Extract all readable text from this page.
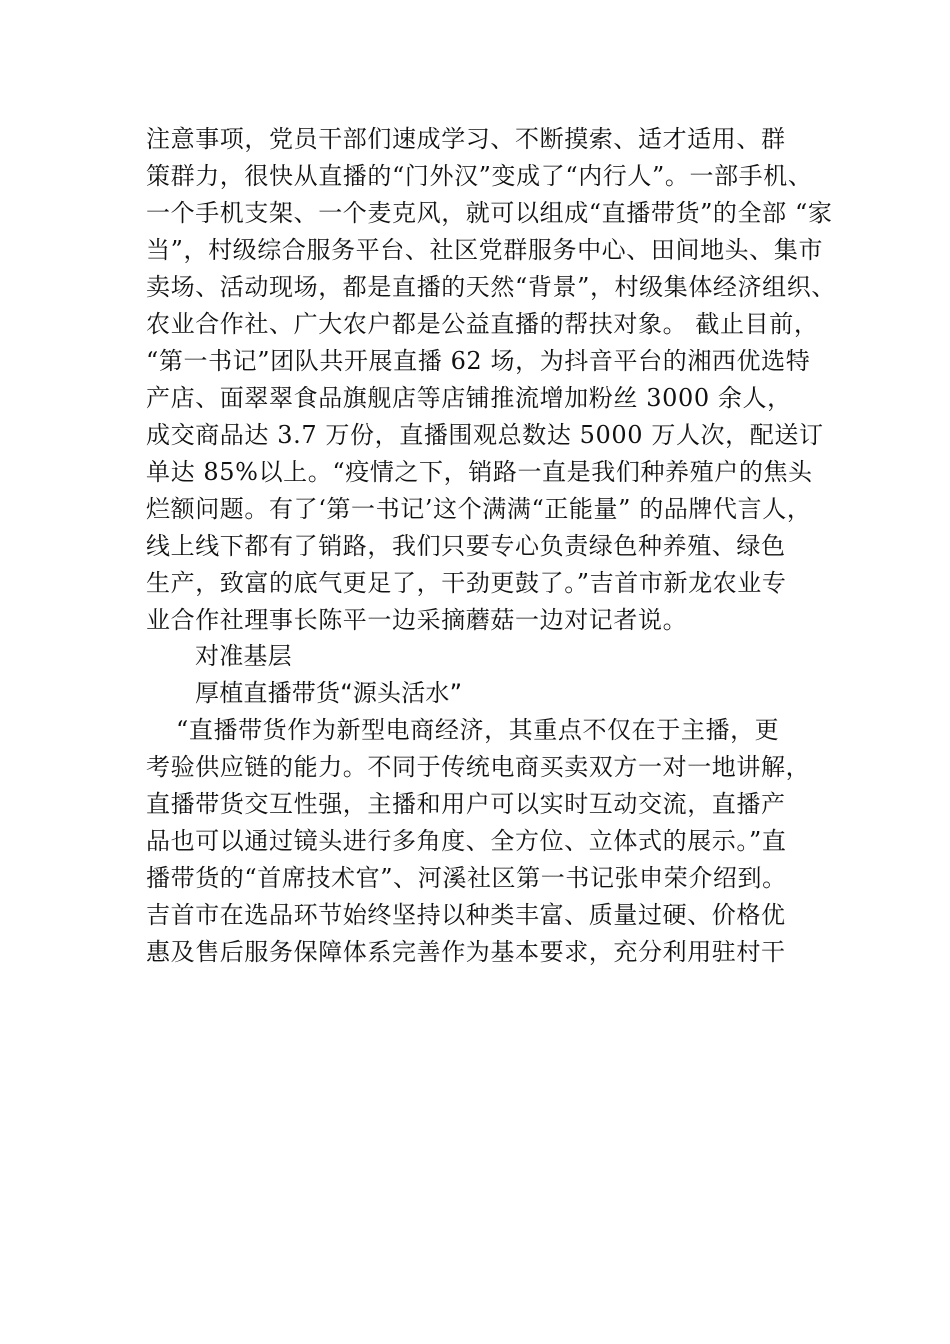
注意事项，党员干部们速成学习、不断摸索、适才适用、群
策群力，很快从直播的“门外汉”变成了“内行人”。一部手机、
一个手机支架、一个麦克风，就可以组成“直播带货”的全部 “家
当”，村级综合服务平台、社区党群服务中心、田间地头、集市
卖场、活动现场，都是直播的天然“背景”，村级集体经济组织、
农业合作社、广大农户都是公益直播的帮扶对象。 截止目前，
“第一书记”团队共开展直播 62 场，为抖音平台的湘西优选特
产店、面翠翠食品旗舰店等店铺推流增加粉丝 3000 余人，
成交商品达 3.7 万份，直播围观总数达 5000 万人次，配送订
单达 85%以上。“疫情之下，销路一直是我们种养殖户的焦头
烂额问题。有了‘第一书记’这个满满“正能量” 的品牌代言人，
线上线下都有了销路，我们只要专心负责绿色种养殖、绿色
生产，致富的底气更足了，干劲更鼓了。”吉首市新龙农业专
业合作社理事长陈平一边采摘蘑菇一边对记者说。
对准基层
厚植直播带货“源头活水”
“直播带货作为新型电商经济，其重点不仅在于主播，更
考验供应链的能力。不同于传统电商买卖双方一对一地讲解，
直播带货交互性强，主播和用户可以实时互动交流，直播产
品也可以通过镜头进行多角度、全方位、立体式的展示。”直
播带货的“首席技术官”、河溪社区第一书记张申荣介绍到。
吉首市在选品环节始终坚持以种类丰富、质量过硬、价格优
惠及售后服务保障体系完善作为基本要求，充分利用驻村干
